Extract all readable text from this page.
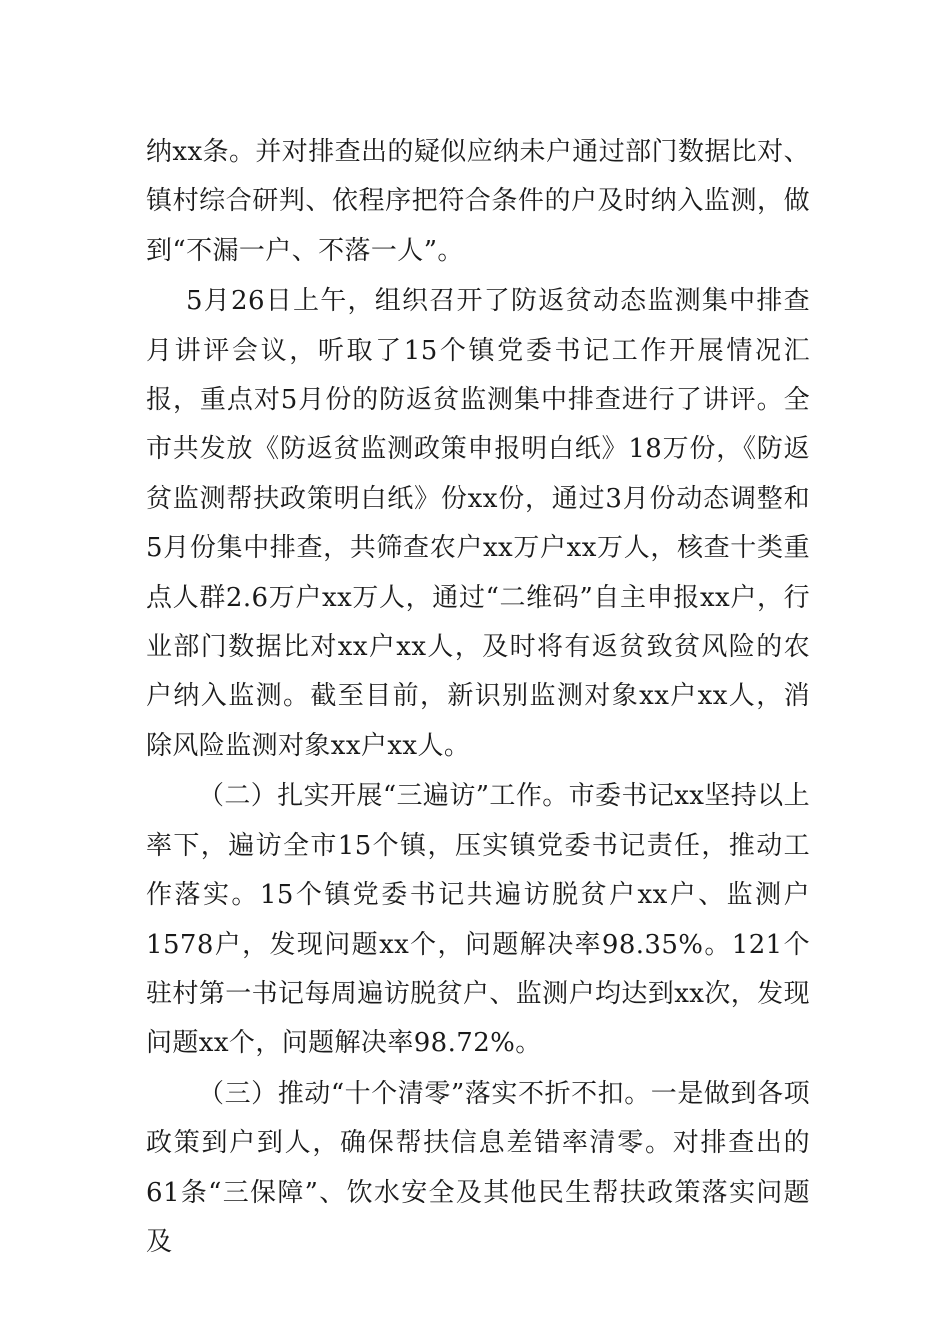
纳xx条。并对排查出的疑似应纳未户通过部门数据比对、镇村综合研判、依程序把符合条件的户及时纳入监测，做到“不漏一户、不落一人”。

5月26日上午，组织召开了防返贫动态监测集中排查月讲评会议，听取了15个镇党委书记工作开展情况汇报，重点对5月份的防返贫监测集中排查进行了讲评。全市共发放《防返贫监测政策申报明白纸》18万份，《防返贫监测帮扶政策明白纸》份xx份，通过3月份动态调整和5月份集中排查，共筛查农户xx万户xx万人，核查十类重点人群2.6万户xx万人，通过“二维码”自主申报xx户，行业部门数据比对xx户xx人，及时将有返贫致贫风险的农户纳入监测。截至目前，新识别监测对象xx户xx人，消除风险监测对象xx户xx人。

（二）扎实开展“三遍访”工作。市委书记xx坚持以上率下，遍访全市15个镇，压实镇党委书记责任，推动工作落实。15个镇党委书记共遍访脱贫户xx户、监测户1578户，发现问题xx个，问题解决率98.35%。121个驻村第一书记每周遍访脱贫户、监测户均达到xx次，发现问题xx个，问题解决率98.72%。

（三）推动“十个清零”落实不折不扣。一是做到各项政策到户到人，确保帮扶信息差错率清零。对排查出的61条“三保障”、饮水安全及其他民生帮扶政策落实问题及
